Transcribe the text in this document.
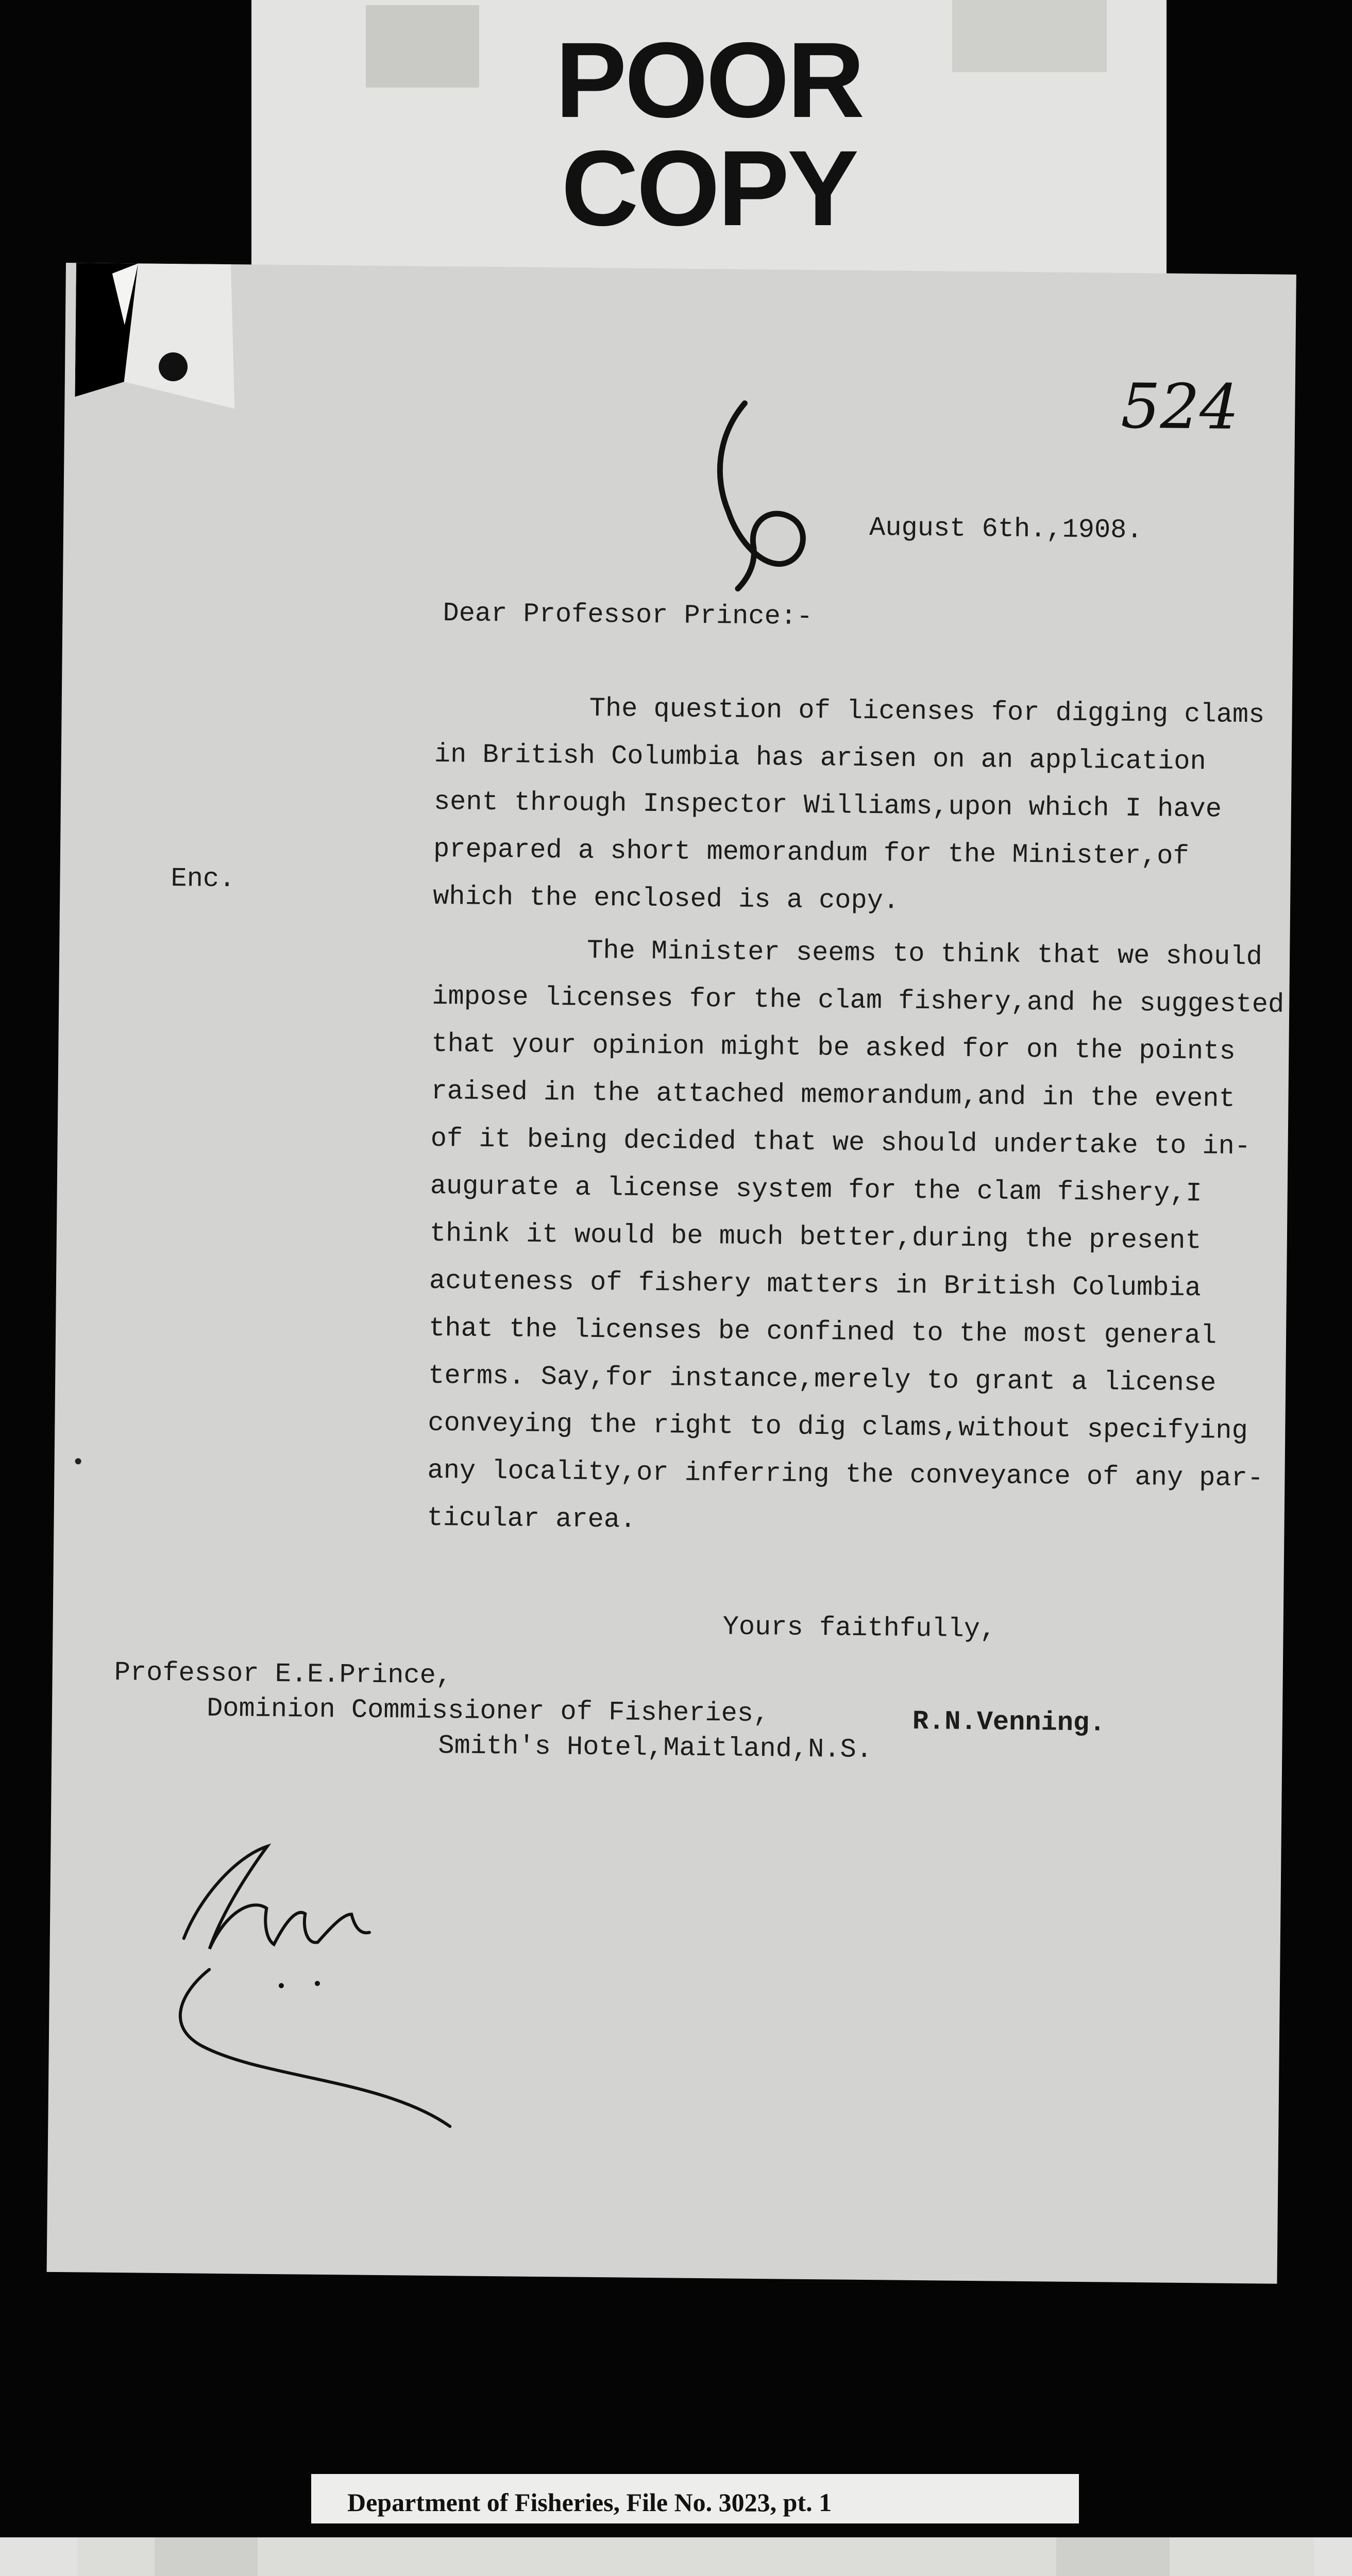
POOR
COPY
524
August 6th.,1908.
Dear Professor Prince:-
The question of licenses for digging clams
in British Columbia has arisen on an application
sent through Inspector Williams,upon which I have
prepared a short memorandum for the Minister,of
which the enclosed is a copy.
Enc.
The Minister seems to think that we should
impose licenses for the clam fishery,and he suggested
that your opinion might be asked for on the points
raised in the attached memorandum,and in the event
of it being decided that we should undertake to in-
augurate a license system for the clam fishery,I
think it would be much better,during the present
acuteness of fishery matters in British Columbia
that the licenses be confined to the most general
terms. Say,for instance,merely to grant a license
conveying the right to dig clams,without specifying
any locality,or inferring the conveyance of any par-
ticular area.
Yours faithfully,
Professor E.E.Prince,
Dominion Commissioner of Fisheries,	R.N.Venning.
Smith's Hotel,Maitland,N.S.
Department of Fisheries, File No. 3023, pt. 1
